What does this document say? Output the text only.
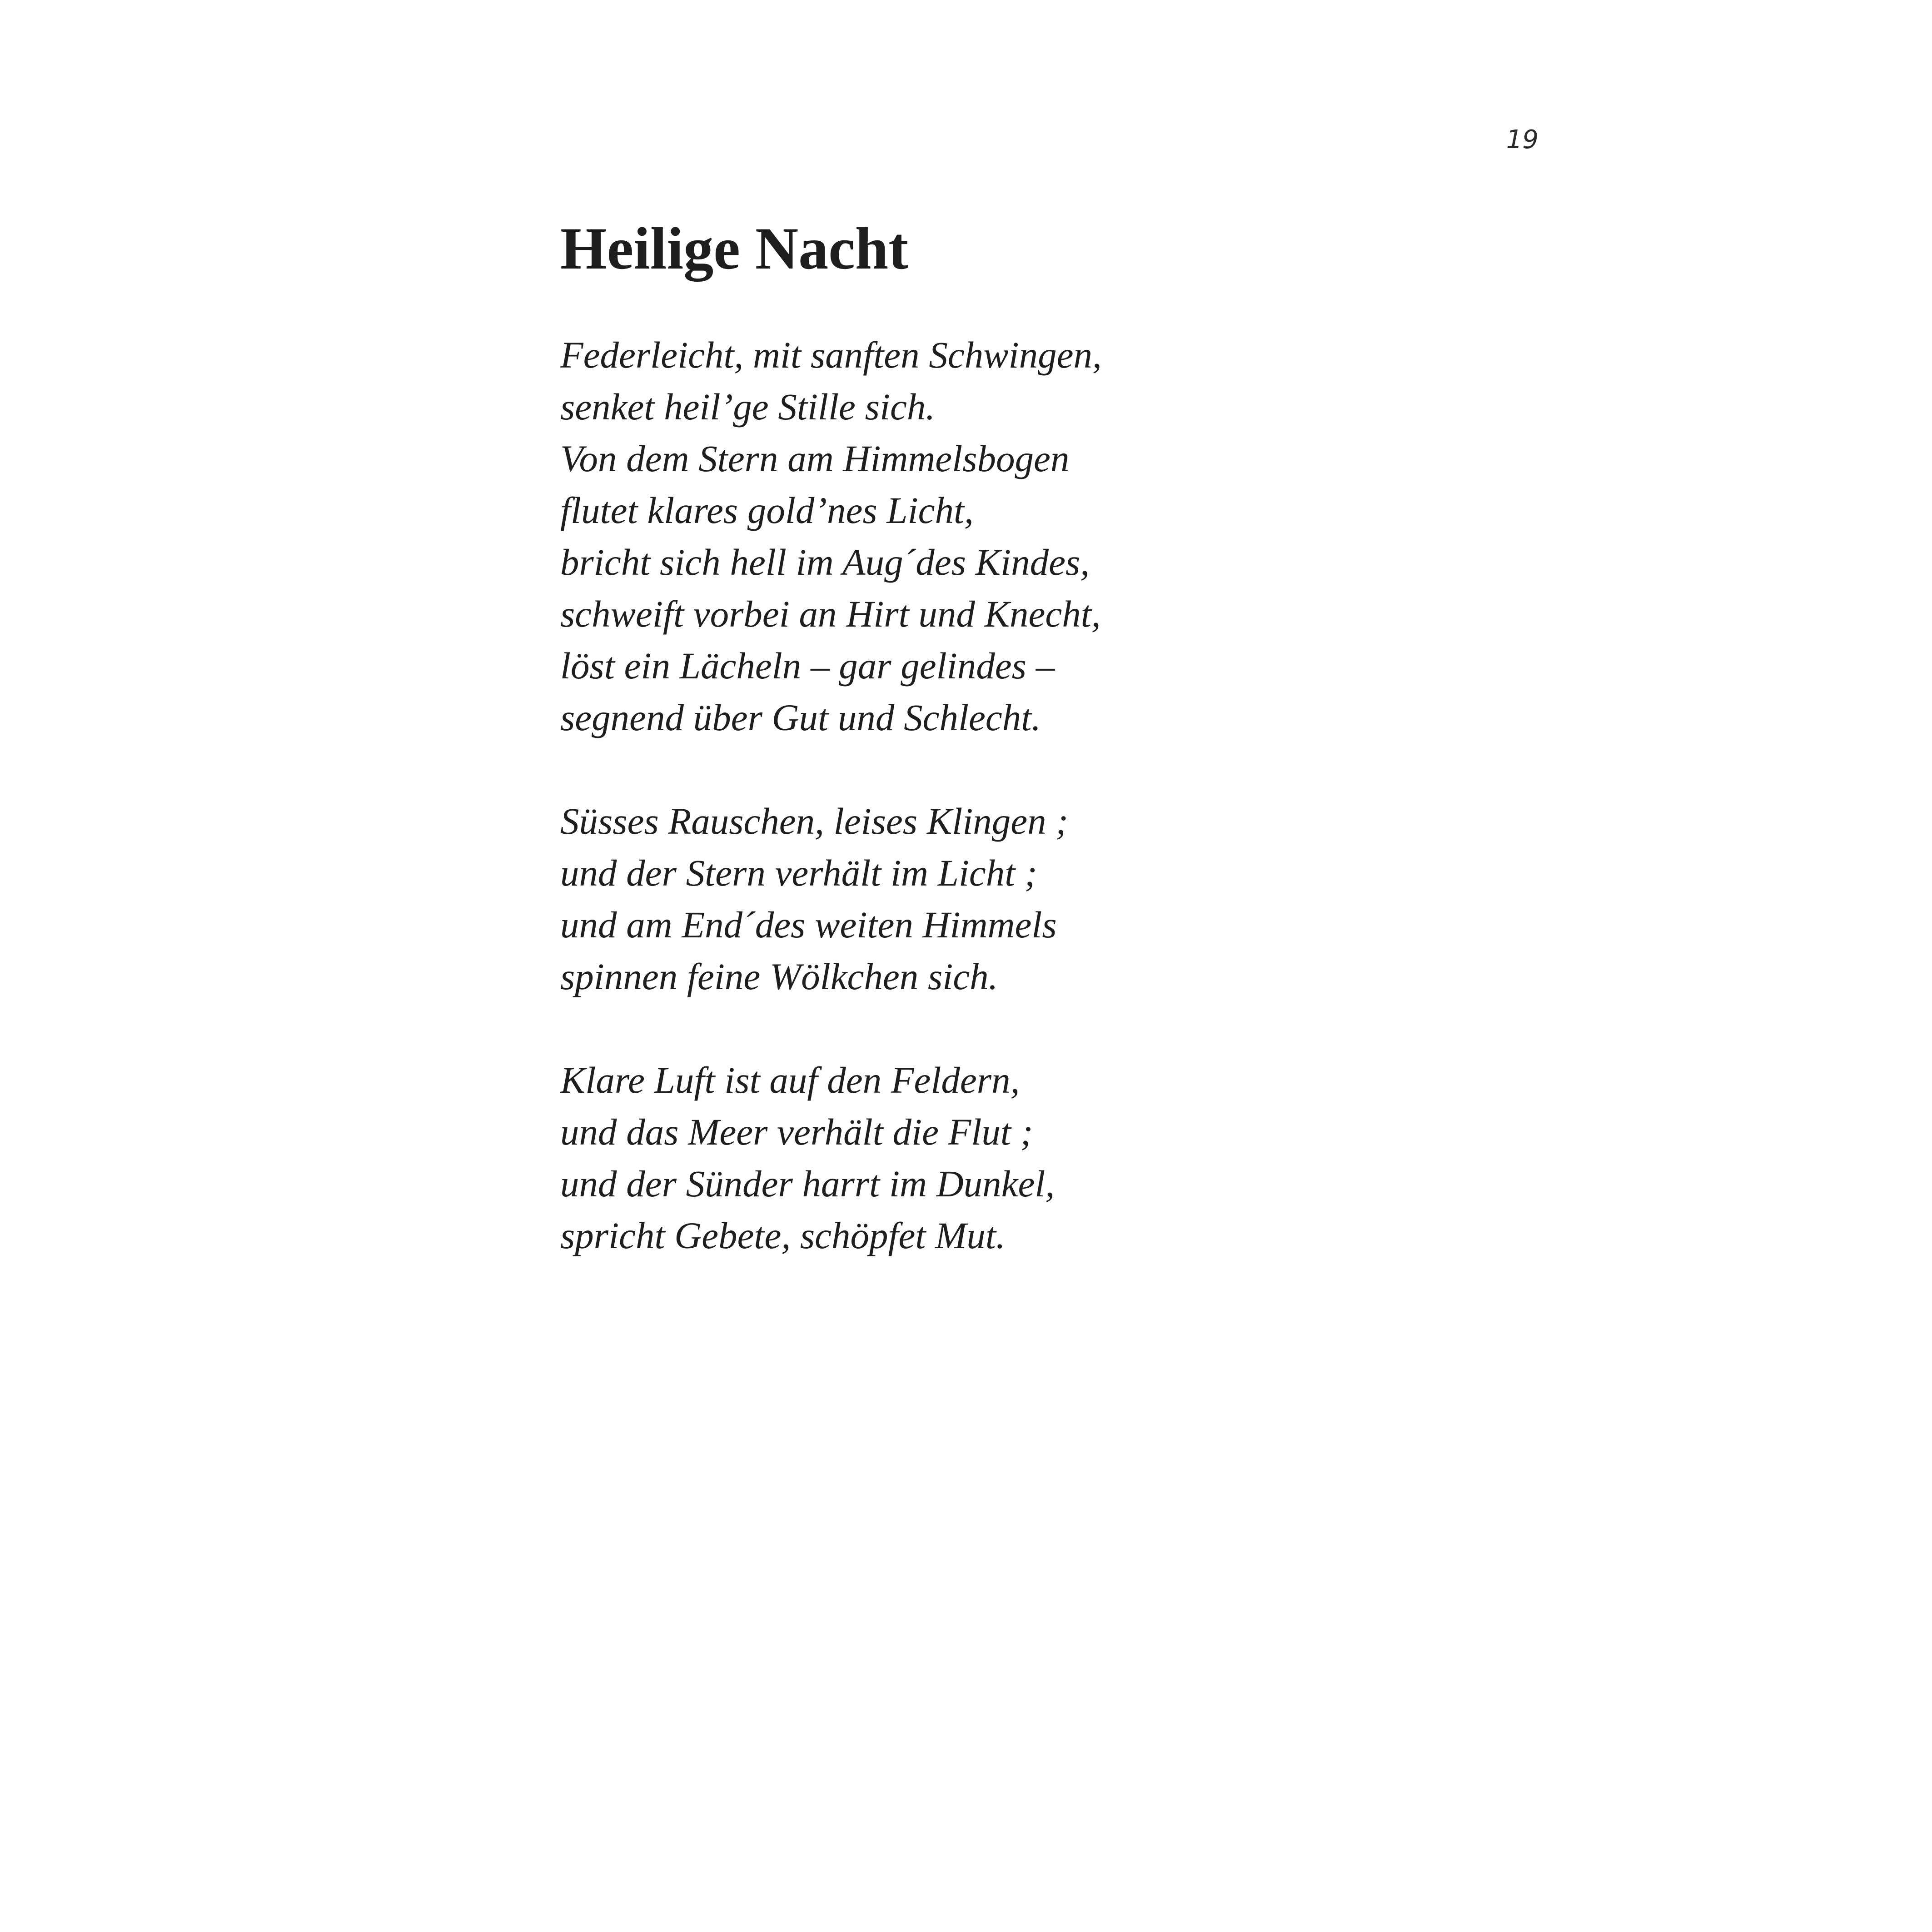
19
Heilige Nacht
Federleicht, mit sanften Schwingen,
senket heil’ge Stille sich.
Von dem Stern am Himmelsbogen
flutet klares gold’nes Licht,
bricht sich hell im Aug´des Kindes,
schweift vorbei an Hirt und Knecht,
löst ein Lächeln – gar gelindes –
segnend über Gut und Schlecht.
Süsses Rauschen, leises Klingen ;
und der Stern verhält im Licht ;
und am End´des weiten Himmels
spinnen feine Wölkchen sich.
Klare Luft ist auf den Feldern,
und das Meer verhält die Flut ;
und der Sünder harrt im Dunkel,
spricht Gebete, schöpfet Mut.
